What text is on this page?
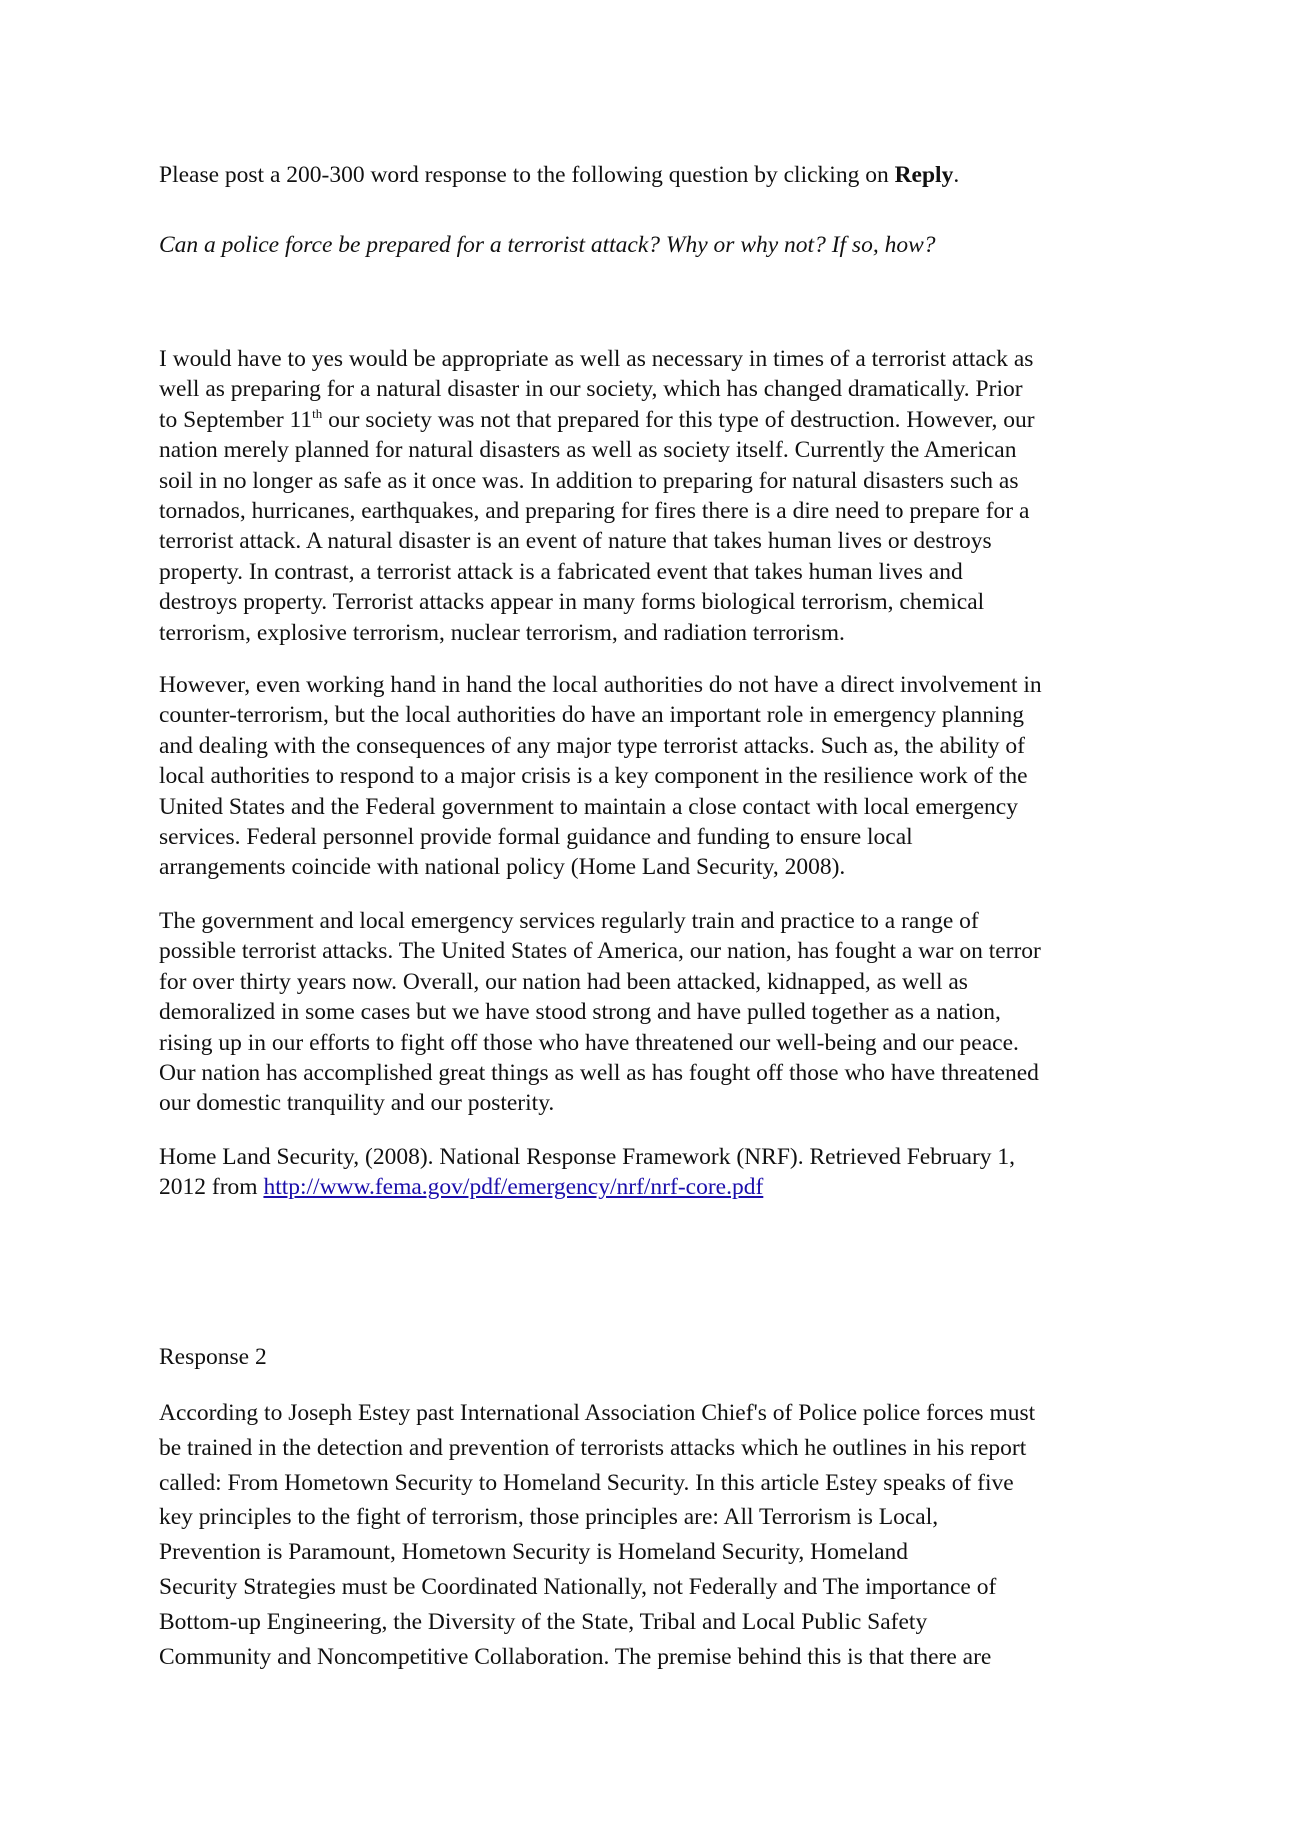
Please post a 200-300 word response to the following question by clicking on Reply.

Can a police force be prepared for a terrorist attack? Why or why not? If so, how?

I would have to yes would be appropriate as well as necessary in times of a terrorist attack as
well as preparing for a natural disaster in our society, which has changed dramatically. Prior
to September 11th our society was not that prepared for this type of destruction. However, our
nation merely planned for natural disasters as well as society itself. Currently the American
soil in no longer as safe as it once was. In addition to preparing for natural disasters such as
tornados, hurricanes, earthquakes, and preparing for fires there is a dire need to prepare for a
terrorist attack. A natural disaster is an event of nature that takes human lives or destroys
property. In contrast, a terrorist attack is a fabricated event that takes human lives and
destroys property. Terrorist attacks appear in many forms biological terrorism, chemical
terrorism, explosive terrorism, nuclear terrorism, and radiation terrorism.
However, even working hand in hand the local authorities do not have a direct involvement in
counter-terrorism, but the local authorities do have an important role in emergency planning
and dealing with the consequences of any major type terrorist attacks. Such as, the ability of
local authorities to respond to a major crisis is a key component in the resilience work of the
United States and the Federal government to maintain a close contact with local emergency
services. Federal personnel provide formal guidance and funding to ensure local
arrangements coincide with national policy (Home Land Security, 2008).
The government and local emergency services regularly train and practice to a range of
possible terrorist attacks. The United States of America, our nation, has fought a war on terror
for over thirty years now. Overall, our nation had been attacked, kidnapped, as well as
demoralized in some cases but we have stood strong and have pulled together as a nation,
rising up in our efforts to fight off those who have threatened our well-being and our peace.
Our nation has accomplished great things as well as has fought off those who have threatened
our domestic tranquility and our posterity.
Home Land Security, (2008). National Response Framework (NRF). Retrieved February 1,
2012 from http://www.fema.gov/pdf/emergency/nrf/nrf-core.pdf

Response 2

According to Joseph Estey past International Association Chief's of Police police forces must
be trained in the detection and prevention of terrorists attacks which he outlines in his report
called: From Hometown Security to Homeland Security. In this article Estey speaks of five
key principles to the fight of terrorism, those principles are: All Terrorism is Local,
Prevention is Paramount, Hometown Security is Homeland Security, Homeland
Security Strategies must be Coordinated Nationally, not Federally and The importance of
Bottom-up Engineering, the Diversity of the State, Tribal and Local Public Safety
Community and Noncompetitive Collaboration. The premise behind this is that there are
